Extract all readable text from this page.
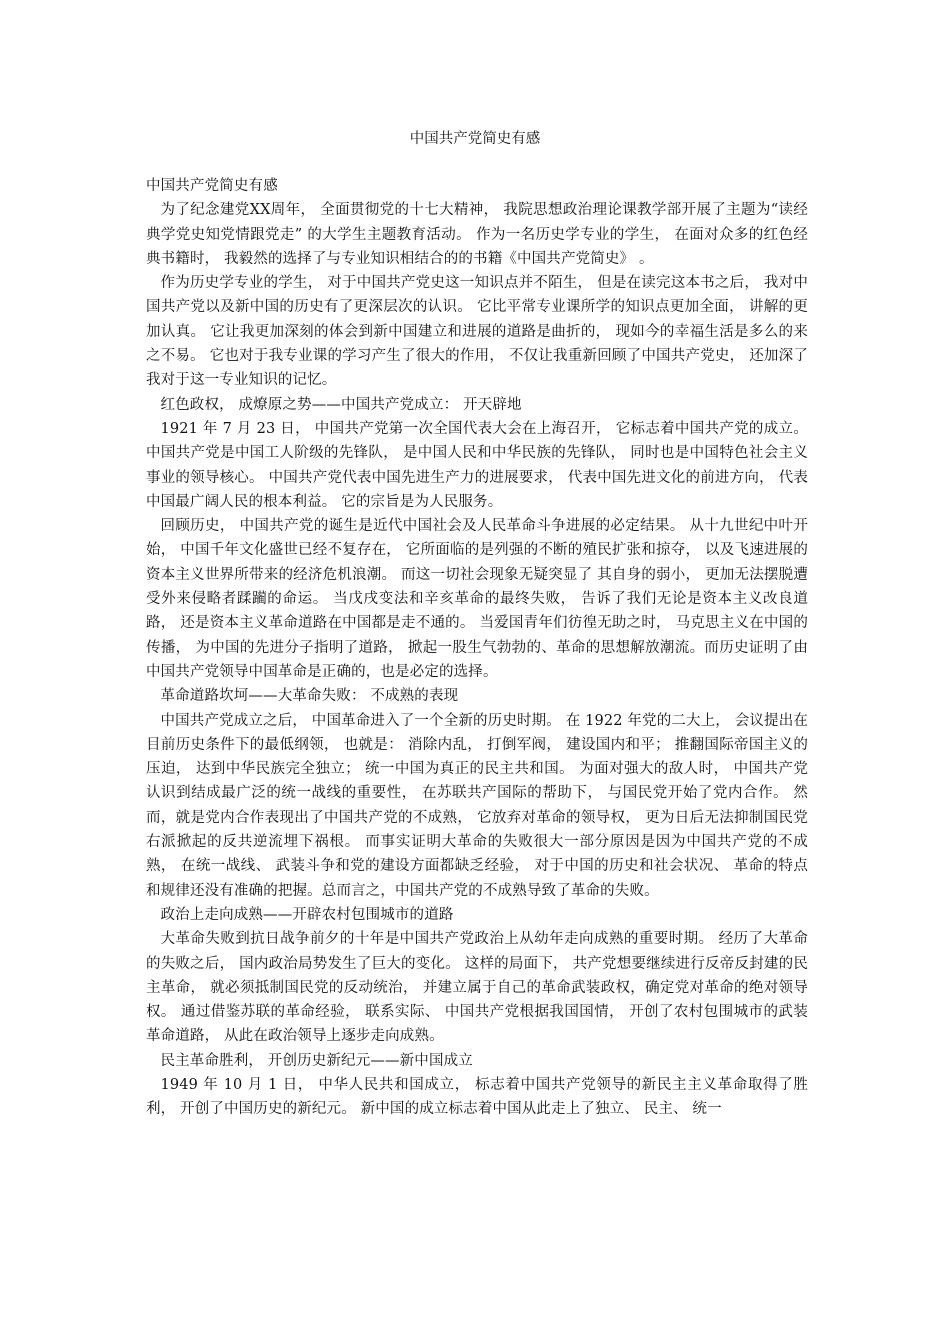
中国共产党简史有感

中国共产党简史有感

为了纪念建党XX周年， 全面贯彻党的十七大精神， 我院思想政治理论课教学部开展了主题为“读经典学党史知党情跟党走” 的大学生主题教育活动。 作为一名历史学专业的学生， 在面对众多的红色经典书籍时， 我毅然的选择了与专业知识相结合的的书籍《中国共产党简史》 。

作为历史学专业的学生， 对于中国共产党史这一知识点并不陌生， 但是在读完这本书之后， 我对中国共产党以及新中国的历史有了更深层次的认识。 它比平常专业课所学的知识点更加全面， 讲解的更加认真。 它让我更加深刻的体会到新中国建立和进展的道路是曲折的， 现如今的幸福生活是多么的来之不易。 它也对于我专业课的学习产生了很大的作用， 不仅让我重新回顾了中国共产党史， 还加深了我对于这一专业知识的记忆。

红色政权， 成燎原之势——中国共产党成立： 开天辟地

1921 年 7 月 23 日， 中国共产党第一次全国代表大会在上海召开， 它标志着中国共产党的成立。 中国共产党是中国工人阶级的先锋队， 是中国人民和中华民族的先锋队， 同时也是中国特色社会主义事业的领导核心。 中国共产党代表中国先进生产力的进展要求， 代表中国先进文化的前进方向， 代表中国最广阔人民的根本利益。 它的宗旨是为人民服务。

回顾历史， 中国共产党的诞生是近代中国社会及人民革命斗争进展的必定结果。 从十九世纪中叶开始， 中国千年文化盛世已经不复存在， 它所面临的是列强的不断的殖民扩张和掠夺， 以及飞速进展的资本主义世界所带来的经济危机浪潮。 而这一切社会现象无疑突显了 其自身的弱小， 更加无法摆脱遭受外来侵略者蹂躏的命运。 当戊戌变法和辛亥革命的最终失败， 告诉了我们无论是资本主义改良道路， 还是资本主义革命道路在中国都是走不通的。 当爱国青年们彷徨无助之时， 马克思主义在中国的传播， 为中国的先进分子指明了道路， 掀起一股生气勃勃的、革命的思想解放潮流。而历史证明了由中国共产党领导中国革命是正确的，也是必定的选择。

革命道路坎坷——大革命失败： 不成熟的表现

中国共产党成立之后， 中国革命进入了一个全新的历史时期。 在 1922 年党的二大上， 会议提出在目前历史条件下的最低纲领， 也就是： 消除内乱， 打倒军阀， 建设国内和平； 推翻国际帝国主义的压迫， 达到中华民族完全独立； 统一中国为真正的民主共和国。 为面对强大的敌人时， 中国共产党认识到结成最广泛的统一战线的重要性， 在苏联共产国际的帮助下， 与国民党开始了党内合作。 然而，就是党内合作表现出了中国共产党的不成熟， 它放弃对革命的领导权， 更为日后无法抑制国民党右派掀起的反共逆流埋下祸根。 而事实证明大革命的失败很大一部分原因是因为中国共产党的不成熟， 在统一战线、 武装斗争和党的建设方面都缺乏经验， 对于中国的历史和社会状况、 革命的特点和规律还没有准确的把握。总而言之，中国共产党的不成熟导致了革命的失败。

政治上走向成熟——开辟农村包围城市的道路

大革命失败到抗日战争前夕的十年是中国共产党政治上从幼年走向成熟的重要时期。 经历了大革命的失败之后， 国内政治局势发生了巨大的变化。 这样的局面下， 共产党想要继续进行反帝反封建的民主革命， 就必须抵制国民党的反动统治， 并建立属于自己的革命武装政权，确定党对革命的绝对领导权。 通过借鉴苏联的革命经验， 联系实际、 中国共产党根据我国国情， 开创了农村包围城市的武装革命道路， 从此在政治领导上逐步走向成熟。

民主革命胜利， 开创历史新纪元——新中国成立

1949 年 10 月 1 日， 中华人民共和国成立， 标志着中国共产党领导的新民主主义革命取得了胜利， 开创了中国历史的新纪元。 新中国的成立标志着中国从此走上了独立、 民主、 统一
